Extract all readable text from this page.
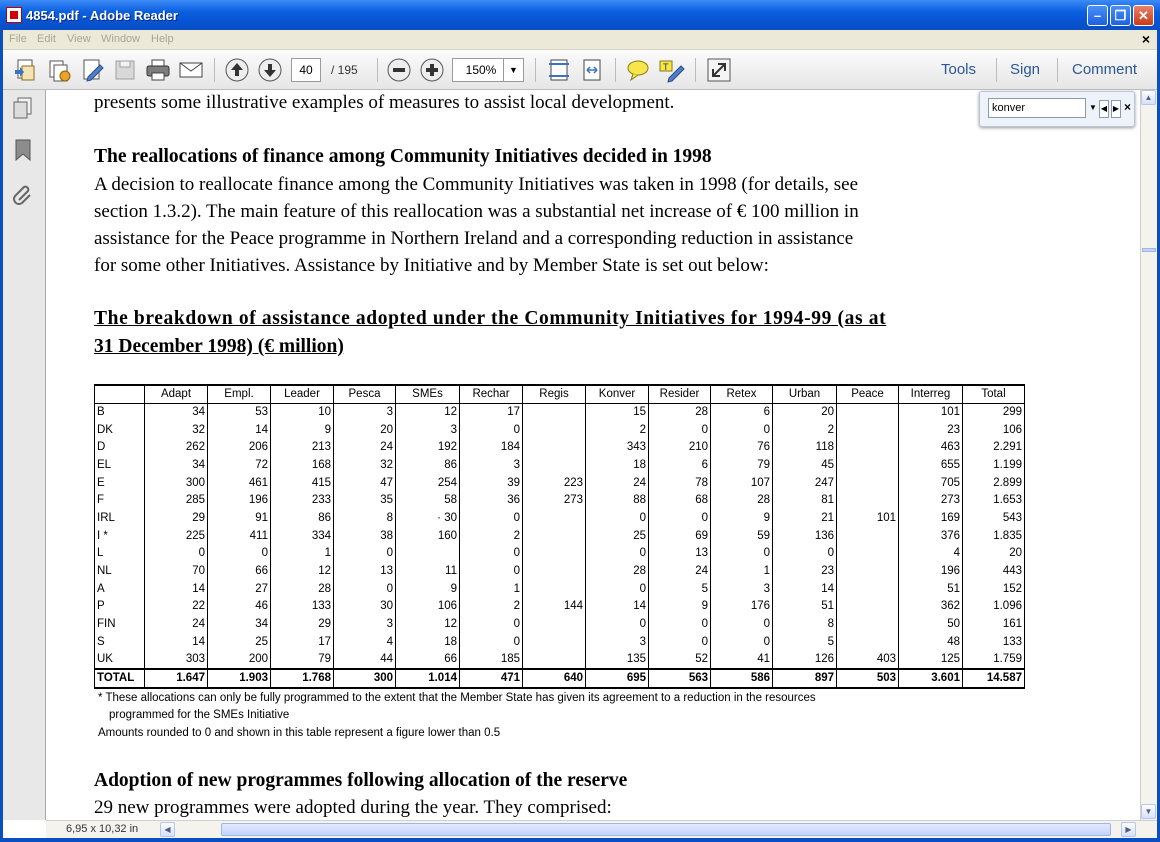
4854.pdf - Adobe Reader	–	❐ ✕
File Edit View Window Help	×
40	/ 195	150%	▼	T	Tools Sign Comment
presents some illustrative examples of measures to assist local development.
The reallocations of finance among Community Initiatives decided in 1998
A decision to reallocate finance among the Community Initiatives was taken in 1998 (for details, see
section 1.3.2). The main feature of this reallocation was a substantial net increase of € 100 million in
assistance for the Peace programme in Northern Ireland and a corresponding reduction in assistance
for some other Initiatives. Assistance by Initiative and by Member State is set out below:
The breakdown of assistance adopted under the Community Initiatives for 1994-99 (as at
31 December 1998) (€ million)
	Adapt	Empl.	Leader	Pesca	SMEs	Rechar	Regis	Konver	Resider	Retex	Urban	Peace	Interreg	Total
B	34	53	10	3	12	17		15	28	6	20		101	299
DK	32	14	9	20	3	0		2	0	0	2		23	106
D	262	206	213	24	192	184		343	210	76	118		463	2.291
EL	34	72	168	32	86	3		18	6	79	45		655	1.199
E	300	461	415	47	254	39	223	24	78	107	247		705	2.899
F	285	196	233	35	58	36	273	88	68	28	81		273	1.653
IRL	29	91	86	8	· 30	0		0	0	9	21	101	169	543
I *	225	411	334	38	160	2		25	69	59	136		376	1.835
L	0	0	1	0		0		0	13	0	0		4	20
NL	70	66	12	13	11	0		28	24	1	23		196	443
A	14	27	28	0	9	1		0	5	3	14		51	152
P	22	46	133	30	106	2	144	14	9	176	51		362	1.096
FIN	24	34	29	3	12	0		0	0	0	8		50	161
S	14	25	17	4	18	0		3	0	0	5		48	133
UK	303	200	79	44	66	185		135	52	41	126	403	125	1.759
TOTAL	1.647	1.903	1.768	300	1.014	471	640	695	563	586	897	503	3.601	14.587
* These allocations can only be fully programmed to the extent that the Member State has given its agreement to a reduction in the resources
programmed for the SMEs Initiative
Amounts rounded to 0 and shown in this table represent a figure lower than 0.5
Adoption of new programmes following allocation of the reserve
29 new programmes were adopted during the year. They comprised:
konver
▼ ◀ ▶ ×
▲
▼
6,95 x 10,32 in	◀	▶
